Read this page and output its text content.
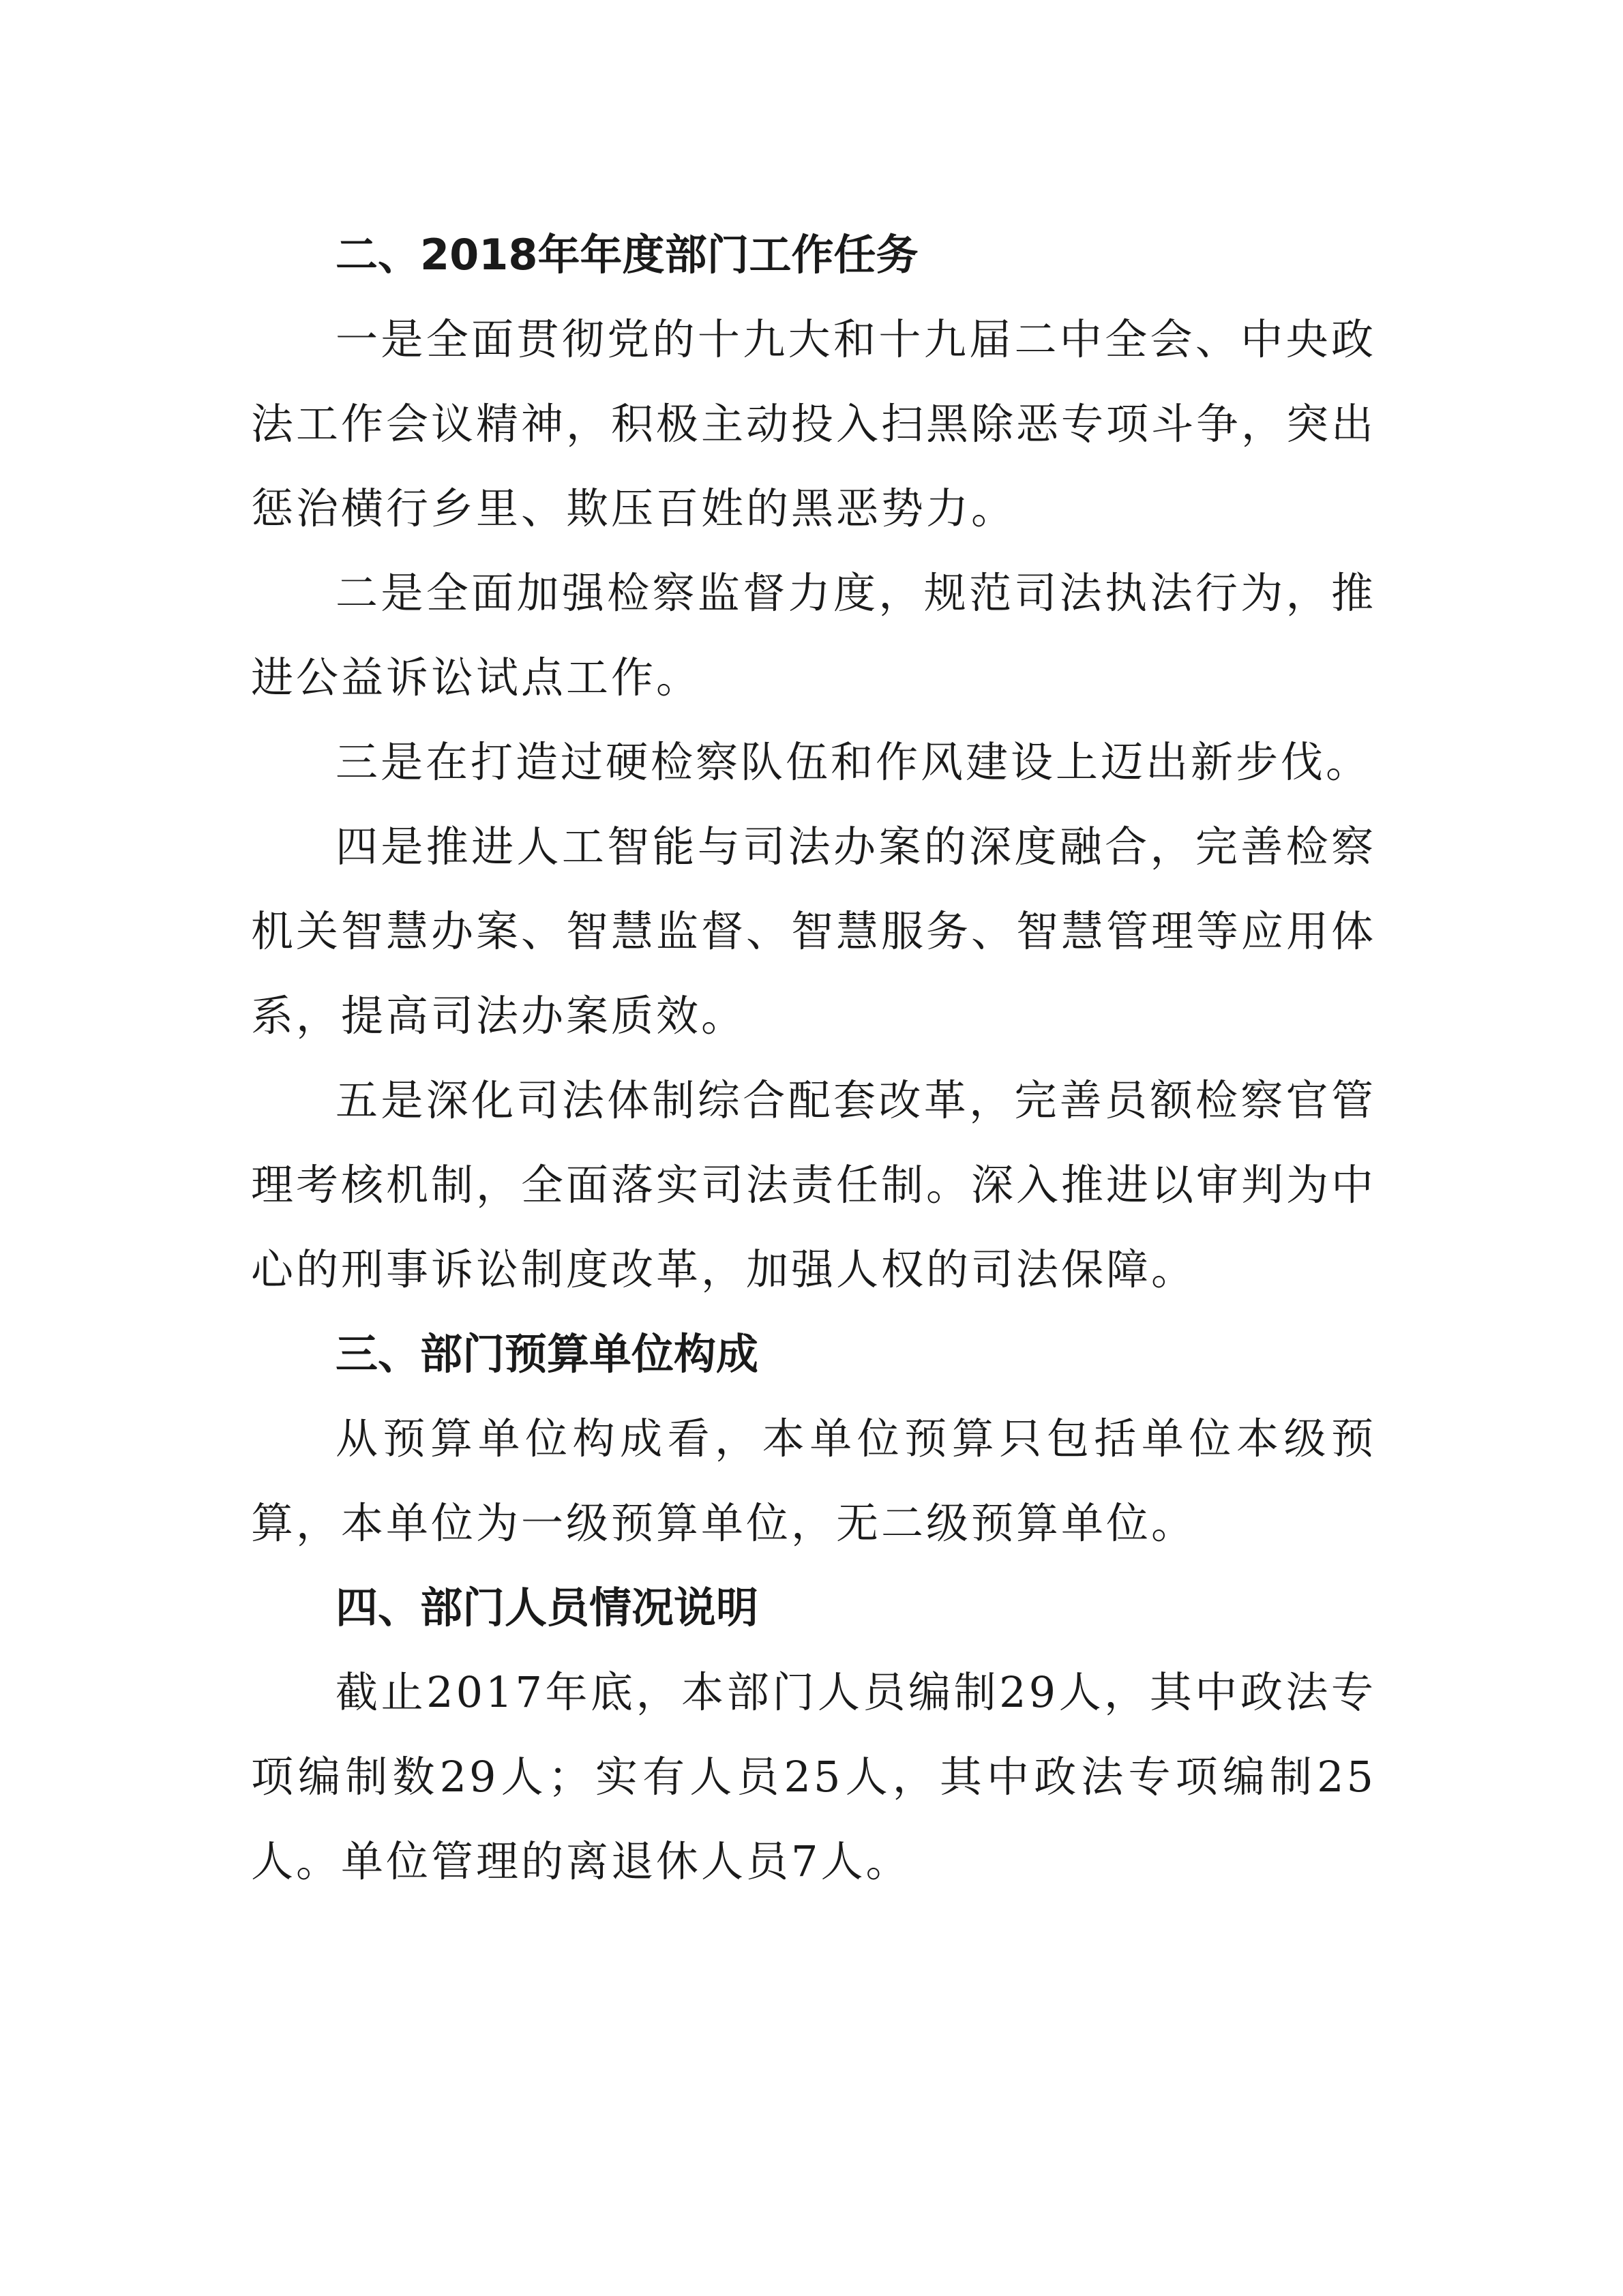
二、2018年年度部门工作任务

一是全面贯彻党的十九大和十九届二中全会、中央政法工作会议精神，积极主动投入扫黑除恶专项斗争，突出惩治横行乡里、欺压百姓的黑恶势力。

二是全面加强检察监督力度，规范司法执法行为，推进公益诉讼试点工作。

三是在打造过硬检察队伍和作风建设上迈出新步伐。

四是推进人工智能与司法办案的深度融合，完善检察机关智慧办案、智慧监督、智慧服务、智慧管理等应用体系，提高司法办案质效。

五是深化司法体制综合配套改革，完善员额检察官管理考核机制，全面落实司法责任制。深入推进以审判为中心的刑事诉讼制度改革，加强人权的司法保障。

三、部门预算单位构成

从预算单位构成看，本单位预算只包括单位本级预算，本单位为一级预算单位，无二级预算单位。

四、部门人员情况说明

截止2017年底，本部门人员编制29人，其中政法专项编制数29人；实有人员25人，其中政法专项编制25人。单位管理的离退休人员7人。
